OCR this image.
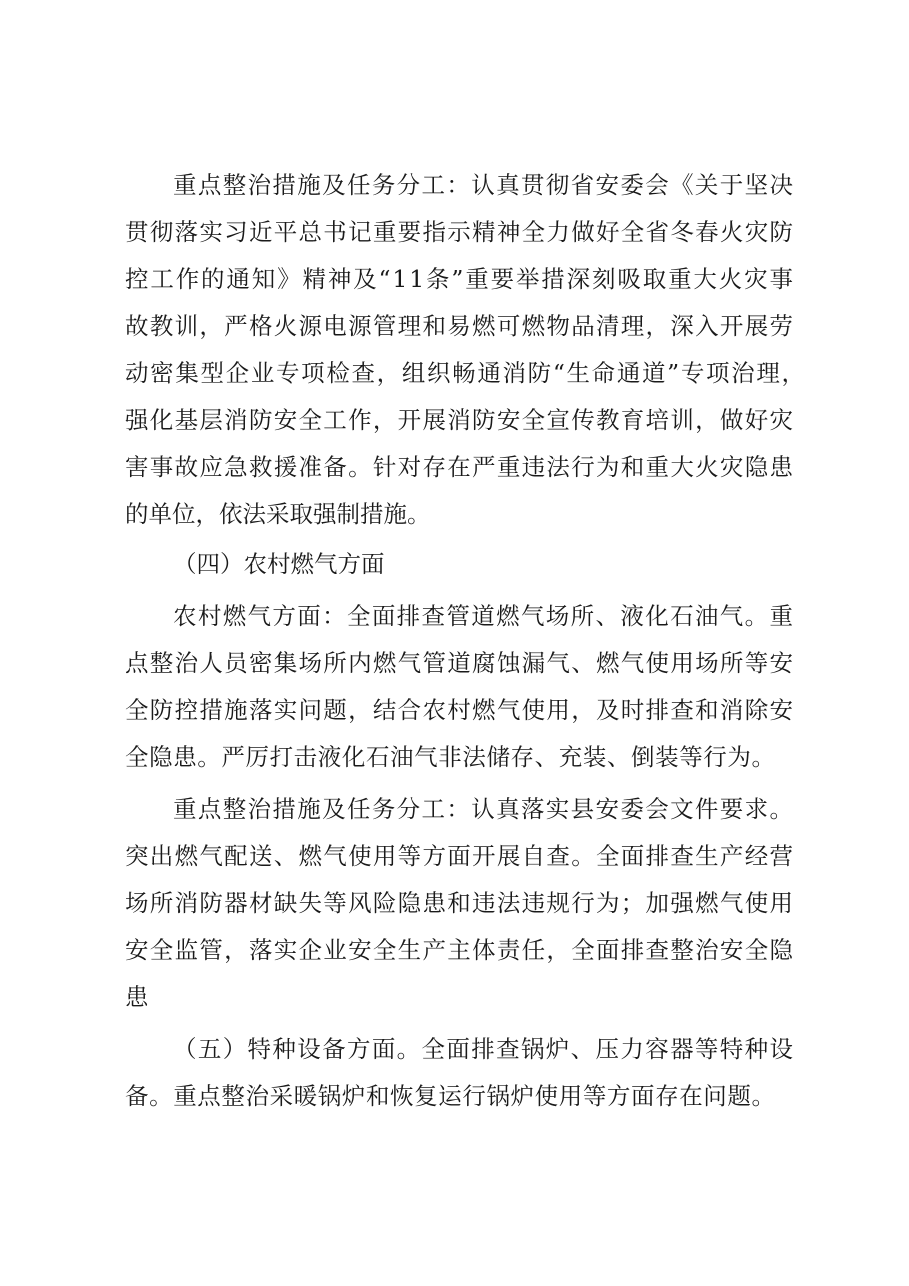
重点整治措施及任务分工：认真贯彻省安委会《关于坚决
贯彻落实习近平总书记重要指示精神全力做好全省冬春火灾防
控工作的通知》精神及“11条”重要举措深刻吸取重大火灾事
故教训，严格火源电源管理和易燃可燃物品清理，深入开展劳
动密集型企业专项检查，组织畅通消防“生命通道”专项治理，
强化基层消防安全工作，开展消防安全宣传教育培训，做好灾
害事故应急救援准备。针对存在严重违法行为和重大火灾隐患
的单位，依法采取强制措施。
（四）农村燃气方面
农村燃气方面：全面排查管道燃气场所、液化石油气。重
点整治人员密集场所内燃气管道腐蚀漏气、燃气使用场所等安
全防控措施落实问题，结合农村燃气使用，及时排查和消除安
全隐患。严厉打击液化石油气非法储存、充装、倒装等行为。
重点整治措施及任务分工：认真落实县安委会文件要求。
突出燃气配送、燃气使用等方面开展自查。全面排查生产经营
场所消防器材缺失等风险隐患和违法违规行为；加强燃气使用
安全监管，落实企业安全生产主体责任，全面排查整治安全隐
患
（五）特种设备方面。全面排查锅炉、压力容器等特种设
备。重点整治采暖锅炉和恢复运行锅炉使用等方面存在问题。
